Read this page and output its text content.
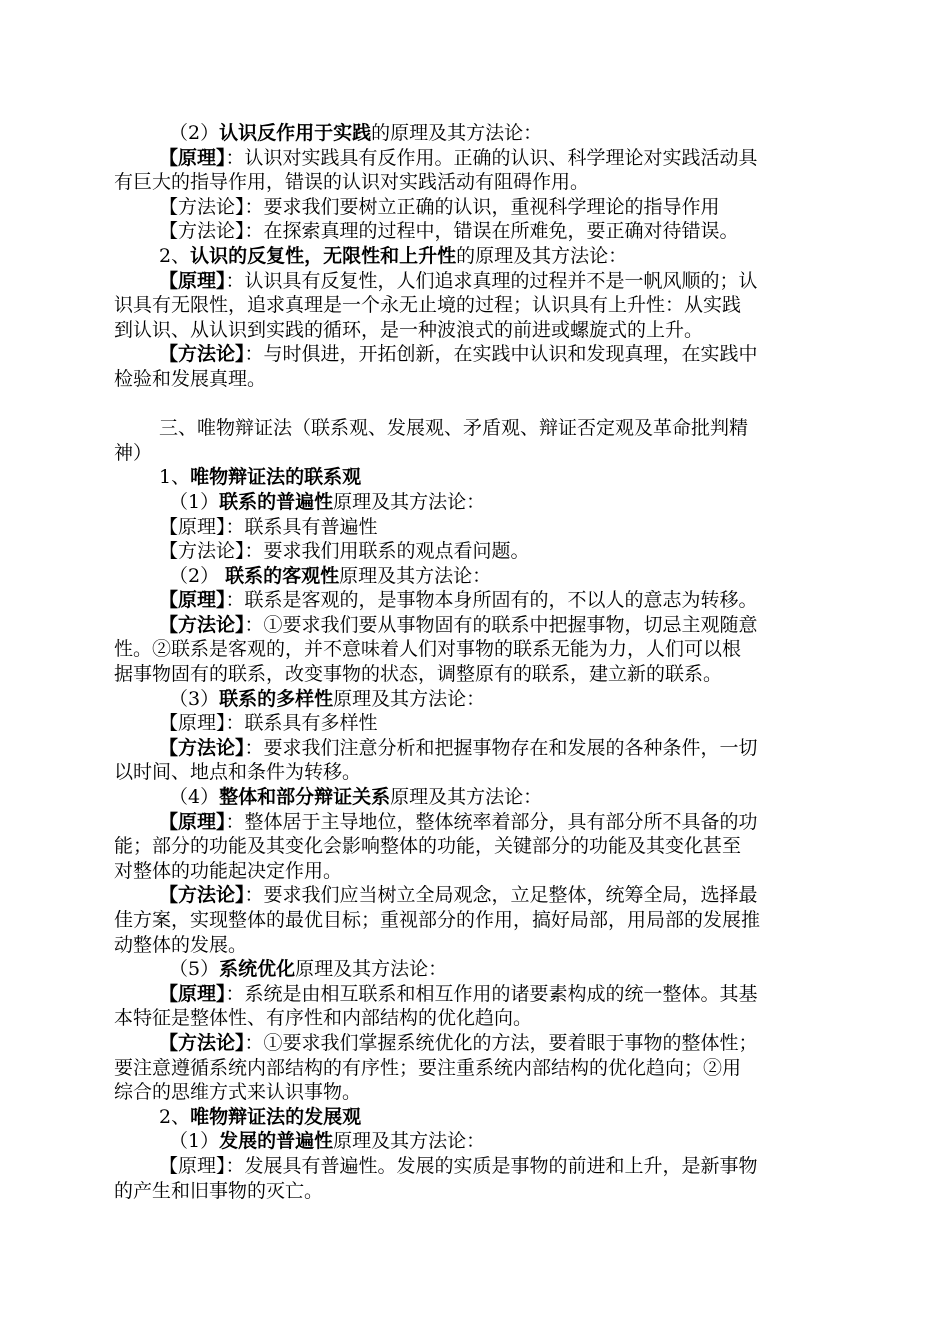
（2）认识反作用于实践的原理及其方法论：
【原理】：认识对实践具有反作用。正确的认识、科学理论对实践活动具
有巨大的指导作用，错误的认识对实践活动有阻碍作用。
【方法论】：要求我们要树立正确的认识，重视科学理论的指导作用
【方法论】：在探索真理的过程中，错误在所难免，要正确对待错误。
2、认识的反复性，无限性和上升性的原理及其方法论：
【原理】：认识具有反复性，人们追求真理的过程并不是一帆风顺的；认
识具有无限性，追求真理是一个永无止境的过程；认识具有上升性：从实践
到认识、从认识到实践的循环，是一种波浪式的前进或螺旋式的上升。
【方法论】：与时俱进，开拓创新，在实践中认识和发现真理，在实践中
检验和发展真理。
三、唯物辩证法（联系观、发展观、矛盾观、辩证否定观及革命批判精
神）
1、唯物辩证法的联系观
（1）联系的普遍性原理及其方法论：
【原理】：联系具有普遍性
【方法论】：要求我们用联系的观点看问题。
（2） 联系的客观性原理及其方法论：
【原理】：联系是客观的，是事物本身所固有的，不以人的意志为转移。
【方法论】：①要求我们要从事物固有的联系中把握事物，切忌主观随意
性。②联系是客观的，并不意味着人们对事物的联系无能为力，人们可以根
据事物固有的联系，改变事物的状态，调整原有的联系，建立新的联系。
（3）联系的多样性原理及其方法论：
【原理】：联系具有多样性
【方法论】：要求我们注意分析和把握事物存在和发展的各种条件，一切
以时间、地点和条件为转移。
（4）整体和部分辩证关系原理及其方法论：
【原理】：整体居于主导地位，整体统率着部分，具有部分所不具备的功
能；部分的功能及其变化会影响整体的功能，关键部分的功能及其变化甚至
对整体的功能起决定作用。
【方法论】：要求我们应当树立全局观念，立足整体，统筹全局，选择最
佳方案，实现整体的最优目标；重视部分的作用，搞好局部，用局部的发展推
动整体的发展。
（5）系统优化原理及其方法论：
【原理】：系统是由相互联系和相互作用的诸要素构成的统一整体。其基
本特征是整体性、有序性和内部结构的优化趋向。
【方法论】：①要求我们掌握系统优化的方法，要着眼于事物的整体性；
要注意遵循系统内部结构的有序性；要注重系统内部结构的优化趋向；②用
综合的思维方式来认识事物。
2、唯物辩证法的发展观
（1）发展的普遍性原理及其方法论：
【原理】：发展具有普遍性。发展的实质是事物的前进和上升，是新事物
的产生和旧事物的灭亡。
